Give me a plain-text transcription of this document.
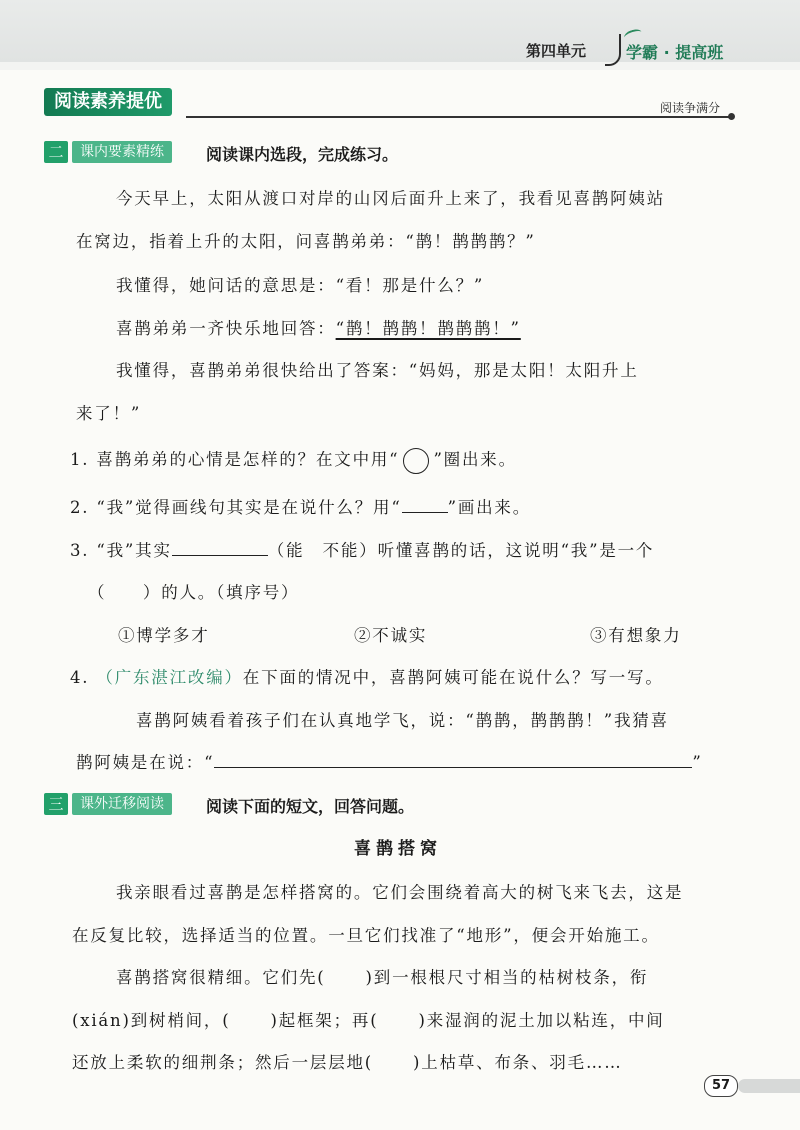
第四单元 学霸 · 提高班
阅读素养提优	阅读争满分
二	课内要素精练	阅读课内选段，完成练习。
今天早上，太阳从渡口对岸的山冈后面升上来了，我看见喜鹊阿姨站
在窝边，指着上升的太阳，问喜鹊弟弟：“鹊！鹊鹊鹊？”
我懂得，她问话的意思是：“看！那是什么？”
喜鹊弟弟一齐快乐地回答：“鹊！鹊鹊！鹊鹊鹊！”
我懂得，喜鹊弟弟很快给出了答案：“妈妈，那是太阳！太阳升上
来了！”
1. 喜鹊弟弟的心情是怎样的？在文中用“ ”圈出来。
2. “我”觉得画线句其实是在说什么？用“	”画出来。
3. “我”其实	（能　不能）听懂喜鹊的话，这说明“我”是一个
（　　）的人。（填序号）
①博学多才	②不诚实	③有想象力
4. （广东湛江改编）在下面的情况中，喜鹊阿姨可能在说什么？写一写。
喜鹊阿姨看着孩子们在认真地学飞，说：“鹊鹊，鹊鹊鹊！”我猜喜
鹊阿姨是在说：“	”
三	课外迁移阅读	阅读下面的短文，回答问题。
喜鹊搭窝
我亲眼看过喜鹊是怎样搭窝的。它们会围绕着高大的树飞来飞去，这是
在反复比较，选择适当的位置。一旦它们找准了“地形”，便会开始施工。
喜鹊搭窝很精细。它们先( )到一根根尺寸相当的枯树枝条，衔
(xián)到树梢间，( )起框架；再( )来湿润的泥土加以粘连，中间
还放上柔软的细荆条；然后一层层地( )上枯草、布条、羽毛……
57
